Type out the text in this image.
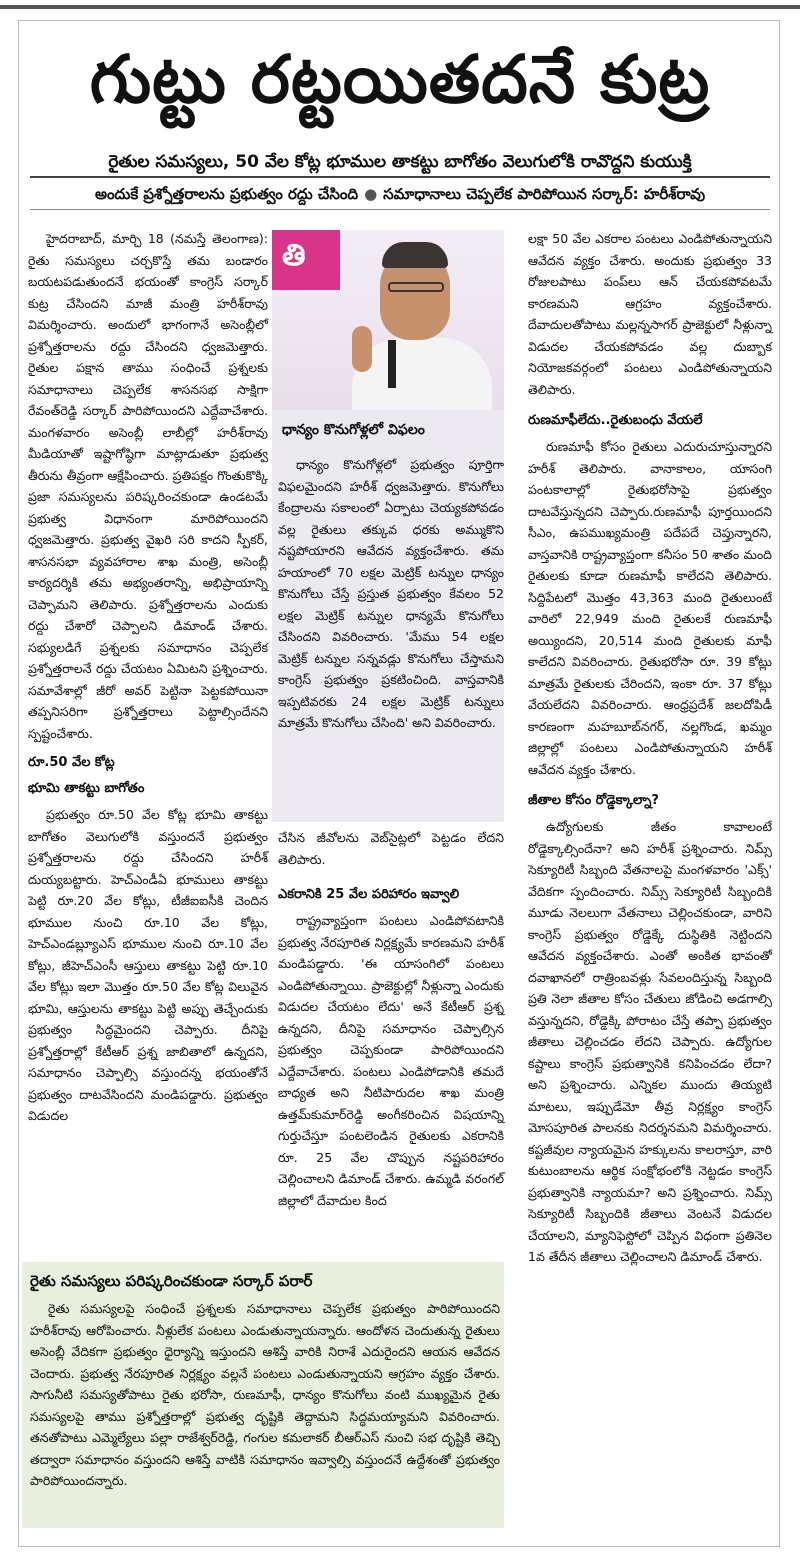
గుట్టు రట్టయితదనే కుట్ర
రైతుల సమస్యలు, 50 వేల కోట్ల భూముల తాకట్టు బాగోతం వెలుగులోకి రావొద్దని కుయుక్తి
అందుకే ప్రశ్నోత్తరాలను ప్రభుత్వం రద్దు చేసింది ● సమాధానాలు చెప్పలేక పారిపోయిన సర్కార్‌: హరీశ్‌రావు

హైదరాబాద్‌, మార్చి 18 (నమస్తే తెలంగాణ): రైతు సమస్యలు చర్చకొస్తే తమ బండారం బయటపడుతుందనే భయంతో కాంగ్రెస్‌ సర్కార్‌ కుట్ర చేసిందని మాజీ మంత్రి హరీశ్‌రావు విమర్శించారు. అందులో భాగంగానే అసెంబ్లీలో ప్రశ్నోత్తరాలను రద్దు చేసిందని ధ్వజమెత్తారు. రైతుల పక్షాన తాము సంధించే ప్రశ్నలకు సమాధానాలు చెప్పలేక శాసనసభ సాక్షిగా రేవంత్‌రెడ్డి సర్కార్‌ పారిపోయిందని ఎద్దేవాచేశారు. మంగళవారం అసెంబ్లీ లాబీల్లో హరీశ్‌రావు మీడియాతో ఇష్టాగోష్ఠిగా మాట్లాడుతూ ప్రభుత్వ తీరును తీవ్రంగా ఆక్షేపించారు. ప్రతిపక్షం గొంతుకొక్కి ప్రజా సమస్యలను పరిష్కరించకుండా ఉండటమే ప్రభుత్వ విధానంగా మారిపోయిందని ధ్వజమెత్తారు. ప్రభుత్వ వైఖరి సరి కాదని స్పీకర్‌, శాసనసభా వ్యవహారాల శాఖ మంత్రి, అసెంబ్లీ కార్యదర్శికి తమ అభ్యంతరాన్ని, అభిప్రాయాన్ని చెప్పామని తెలిపారు. ప్రశ్నోత్తరాలను ఎందుకు రద్దు చేశారో చెప్పాలని డిమాండ్‌ చేశారు. సభ్యులడిగే ప్రశ్నలకు సమాధానం చెప్పలేక ప్రశ్నోత్తరాలనే రద్దు చేయటం ఏమిటని ప్రశ్నించారు. సమావేశాల్లో జీరో అవర్‌ పెట్టినా పెట్టకపోయినా తప్పనిసరిగా ప్రశ్నోత్తరాలు పెట్టాల్సిందేనని స్పష్టంచేశారు.

రూ.50 వేల కోట్ల
భూమి తాకట్టు బాగోతం

ప్రభుత్వం రూ.50 వేల కోట్ల భూమి తాకట్టు బాగోతం వెలుగులోకి వస్తుందనే ప్రభుత్వం ప్రశ్నోత్తరాలను రద్దు చేసిందని హరీశ్‌ దుయ్యబట్టారు. హెచ్‌ఎండీఏ భూములు తాకట్టు పెట్టి రూ.20 వేల కోట్లు, టీజీఐఐసీకి చెందిన భూముల నుంచి రూ.10 వేల కోట్లు, హెచ్‌ఎండబ్ల్యూఎస్‌ భూముల నుంచి రూ.10 వేల కోట్లు, జీహెచ్‌ఎంసీ ఆస్తులు తాకట్టు పెట్టి రూ.10 వేల కోట్లు ఇలా మొత్తం రూ.50 వేల కోట్ల విలువైన భూమి, ఆస్తులను తాకట్టు పెట్టి అప్పు తెచ్చేందుకు ప్రభుత్వం సిద్ధమైందని చెప్పారు. దీనిపై ప్రశ్నోత్తరాల్లో కేటీఆర్‌ ప్రశ్న జాబితాలో ఉన్నదని, సమాధానం చెప్పాల్సి వస్తుందన్న భయంతోనే ప్రభుత్వం దాటవేసిందని మండిపడ్డారు. ప్రభుత్వం విడుదల

తి
ధాన్యం కొనుగోళ్లలో విఫలం

ధాన్యం కొనుగోళ్లలో ప్రభుత్వం పూర్తిగా విఫలమైందని హరీశ్‌ ధ్వజమెత్తారు. కొనుగోలు కేంద్రాలను సకాలంలో ఏర్పాటు చెయ్యకపోవడం వల్ల రైతులు తక్కువ ధరకు అమ్ముకొని నష్టపోయారని ఆవేదన వ్యక్తంచేశారు. తమ హయాంలో 70 లక్షల మెట్రిక్‌ టన్నుల ధాన్యం కొనుగోలు చేస్తే ప్రస్తుత ప్రభుత్వం కేవలం 52 లక్షల మెట్రిక్‌ టన్నుల ధాన్యమే కొనుగోలు చేసిందని వివరించారు. 'మేము 54 లక్షల మెట్రిక్‌ టన్నుల సన్నవడ్లు కొనుగోలు చేస్తామని కాంగ్రెస్‌ ప్రభుత్వం ప్రకటించింది. వాస్తవానికి ఇప్పటివరకు 24 లక్షల మెట్రిక్‌ టన్నులు మాత్రమే కొనుగోలు చేసింది' అని వివరించారు.

చేసిన జీవోలను వెబ్‌సైట్లలో పెట్టడం లేదని తెలిపారు.

ఎకరానికి 25 వేల పరిహారం ఇవ్వాలి

రాష్ట్రవ్యాప్తంగా పంటలు ఎండిపోవటానికి ప్రభుత్వ నేరపూరిత నిర్లక్ష్యమే కారణమని హరీశ్‌ మండిపడ్డారు. 'ఈ యాసంగిలో పంటలు ఎండిపోతున్నాయి. ప్రాజెక్టుల్లో నీళ్లున్నా ఎందుకు విడుదల చేయటం లేదు' అనే కేటీఆర్‌ ప్రశ్న ఉన్నదని, దీనిపై సమాధానం చెప్పాల్సిన ప్రభుత్వం చెప్పకుండా పారిపోయిందని ఎద్దేవాచేశారు. పంటలు ఎండిపోడానికి తమదే బాధ్యత అని నీటిపారుదల శాఖ మంత్రి ఉత్తమ్‌కుమార్‌రెడ్డి అంగీకరించిన విషయాన్ని గుర్తుచేస్తూ పంటలెండిన రైతులకు ఎకరానికి రూ. 25 వేల చొప్పున నష్టపరిహారం చెల్లించాలని డిమాండ్‌ చేశారు. ఉమ్మడి వరంగల్‌ జిల్లాలో దేవాదుల కింద

లక్షా 50 వేల ఎకరాల పంటలు ఎండిపోతున్నాయని ఆవేదన వ్యక్తం చేశారు. అందుకు ప్రభుత్వం 33 రోజులపాటు పంప్‌లు ఆన్‌ చేయకపోవటమే కారణమని ఆగ్రహం వ్యక్తంచేశారు. దేవాదులతోపాటు మల్లన్నసాగర్‌ ప్రాజెక్టులో నీళ్లున్నా విడుదల చేయకపోవడం వల్ల దుబ్బాక నియోజకవర్గంలో పంటలు ఎండిపోతున్నాయని తెలిపారు.

రుణమాఫీలేదు..రైతుబంధు వేయలే

రుణమాఫీ కోసం రైతులు ఎదురుచూస్తున్నారని హరీశ్‌ తెలిపారు. వానాకాలం, యాసంగి పంటకాలాల్లో రైతుభరోసాపై ప్రభుత్వం దాటవేస్తున్నదని చెప్పారు.రుణమాఫీ పూర్తయిందని సీఎం, ఉపముఖ్యమంత్రి పదేపదే చెప్తున్నారని, వాస్తవానికి రాష్ట్రవ్యాప్తంగా కనీసం 50 శాతం మంది రైతులకు కూడా రుణమాఫీ కాలేదని తెలిపారు. సిద్దిపేటలో మొత్తం 43,363 మంది రైతులుంటే వారిలో 22,949 మంది రైతులకే రుణమాఫీ అయ్యిందని, 20,514 మంది రైతులకు మాఫీ కాలేదని వివరించారు. రైతుభరోసా రూ. 39 కోట్లు మాత్రమే రైతులకు చేరిందని, ఇంకా రూ. 37 కోట్లు వేయలేదని వివరించారు. ఆంధ్రప్రదేశ్‌ జలదోపిడీ కారణంగా మహబూబ్‌నగర్‌, నల్లగొండ, ఖమ్మం జిల్లాల్లో పంటలు ఎండిపోతున్నాయని హరీశ్‌ ఆవేదన వ్యక్తం చేశారు.

జీతాల కోసం రోడ్డెక్కాల్నా?

ఉద్యోగులకు జీతం కావాలంటే రోడ్డెక్కాల్సిందేనా? అని హరీశ్‌ ప్రశ్నించారు. నిమ్స్‌ సెక్యూరిటీ సిబ్బంది వేతనాలపై మంగళవారం 'ఎక్స్‌' వేదికగా స్పందించారు. నిమ్స్‌ సెక్యూరిటీ సిబ్బందికి మూడు నెలలుగా వేతనాలు చెల్లించకుండా, వారిని కాంగ్రెస్‌ ప్రభుత్వం రోడ్డెక్కే దుస్థితికి నెట్టిందని ఆవేదన వ్యక్తంచేశారు. ఎంతో అంకిత భావంతో దవాఖానలో రాత్రింబవళ్లు సేవలందిస్తున్న సిబ్బంది ప్రతి నెలా జీతాల కోసం చేతులు జోడించి అడగాల్సి వస్తున్నదని, రోడ్డెక్కి పోరాటం చేస్తే తప్పా ప్రభుత్వం జీతాలు చెల్లించడం లేదని చెప్పారు. ఉద్యోగుల కష్టాలు కాంగ్రెస్‌ ప్రభుత్వానికి కనిపించడం లేదా? అని ప్రశ్నించారు. ఎన్నికల ముందు తియ్యటి మాటలు, ఇప్పుడేమో తీవ్ర నిర్లక్ష్యం కాంగ్రెస్‌ మోసపూరిత పాలనకు నిదర్శనమని విమర్శించారు. కష్టజీవుల న్యాయమైన హక్కులను కాలరాస్తూ, వారి కుటుంబాలను ఆర్థిక సంక్షోభంలోకి నెట్టడం కాంగ్రెస్‌ ప్రభుత్వానికి న్యాయమా? అని ప్రశ్నించారు. నిమ్స్‌ సెక్యూరిటీ సిబ్బందికి జీతాలు వెంటనే విడుదల చేయాలని, మ్యానిఫెస్టోలో చెప్పిన విధంగా ప్రతినెల 1వ తేదీన జీతాలు చెల్లించాలని డిమాండ్‌ చేశారు.

రైతు సమస్యలు పరిష్కరించకుండా సర్కార్‌ పరార్‌

రైతు సమస్యలపై సంధించే ప్రశ్నలకు సమాధానాలు చెప్పలేక ప్రభుత్వం పారిపోయిందని హరీశ్‌రావు ఆరోపించారు. నీళ్లులేక పంటలు ఎండుతున్నాయన్నారు. ఆందోళన చెందుతున్న రైతులు అసెంబ్లీ వేదికగా ప్రభుత్వం ధైర్యాన్ని ఇస్తుందని ఆశిస్తే వారికి నిరాశే ఎదురైందని ఆయన ఆవేదన చెందారు. ప్రభుత్వ నేరపూరిత నిర్లక్ష్యం వల్లనే పంటలు ఎండుతున్నాయని ఆగ్రహం వ్యక్తం చేశారు. సాగునీటి సమస్యతోపాటు రైతు భరోసా, రుణమాఫీ, ధాన్యం కొనుగోలు వంటి ముఖ్యమైన రైతు సమస్యలపై తాము ప్రశ్నోత్తరాల్లో ప్రభుత్వ దృష్టికి తెద్దామని సిద్ధమయ్యామని వివరించారు. తనతోపాటు ఎమ్మెల్యేలు పల్లా రాజేశ్వర్‌రెడ్డి, గంగుల కమలాకర్‌ బీఆర్‌ఎస్‌ నుంచి సభ దృష్టికి తెచ్చి తద్వారా సమాధానం వస్తుందని ఆశిస్తే వాటికి సమాధానం ఇవ్వాల్సి వస్తుందనే ఉద్దేశంతో ప్రభుత్వం పారిపోయిందన్నారు.
